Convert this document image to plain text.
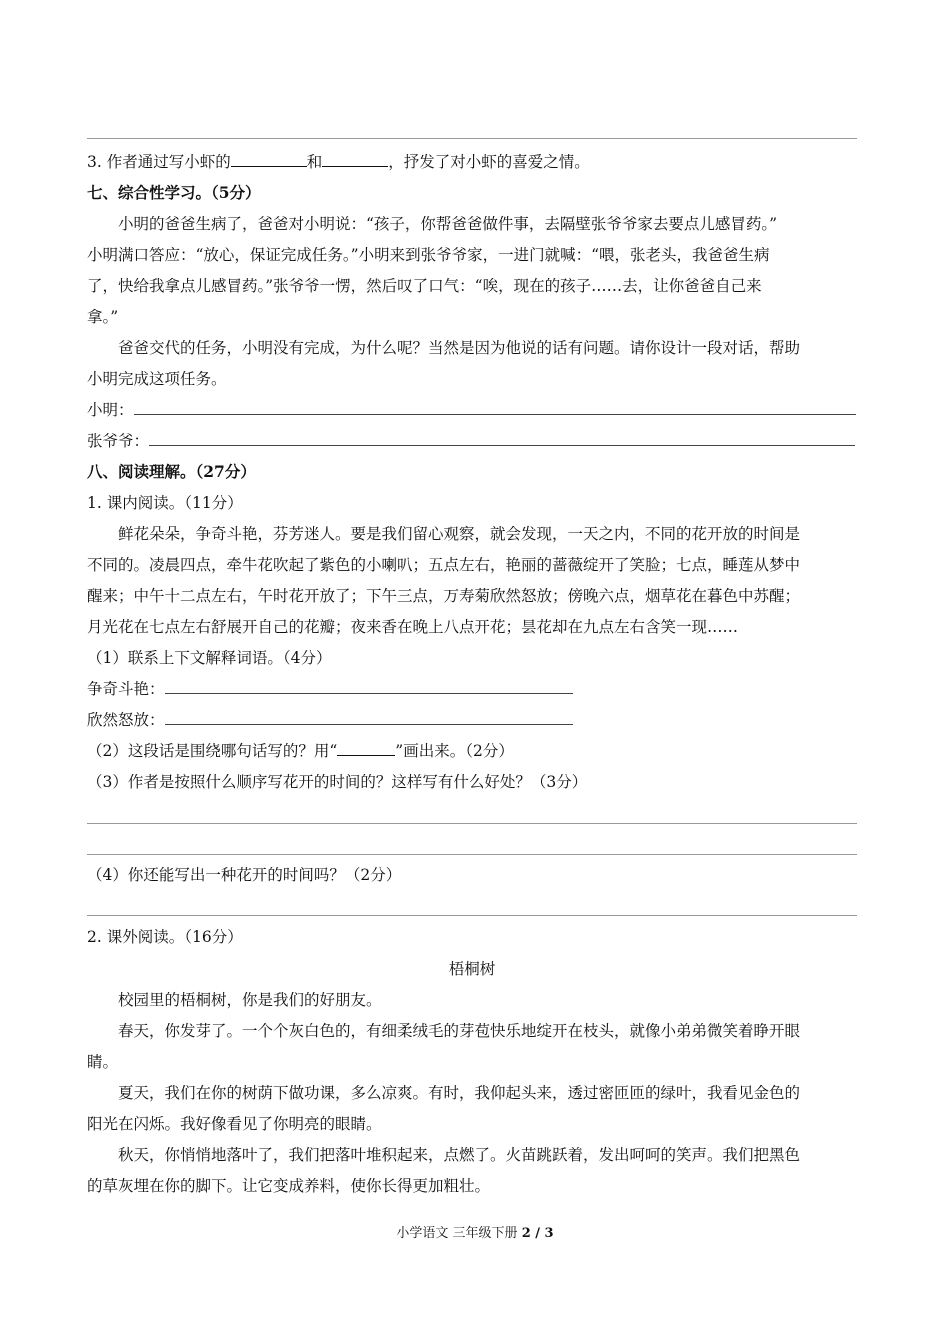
3. 作者通过写小虾的	和	，抒发了对小虾的喜爱之情。
七、综合性学习。（5分）
小明的爸爸生病了，爸爸对小明说：“孩子，你帮爸爸做件事，去隔壁张爷爷家去要点儿感冒药。”
小明满口答应：“放心，保证完成任务。”小明来到张爷爷家，一进门就喊：“喂，张老头，我爸爸生病
了，快给我拿点儿感冒药。”张爷爷一愣，然后叹了口气：“唉，现在的孩子……去，让你爸爸自己来
拿。”
爸爸交代的任务，小明没有完成，为什么呢？当然是因为他说的话有问题。请你设计一段对话，帮助
小明完成这项任务。
小明：
张爷爷：
八、阅读理解。（27分）
1. 课内阅读。（11分）
鲜花朵朵，争奇斗艳，芬芳迷人。要是我们留心观察，就会发现，一天之内，不同的花开放的时间是
不同的。凌晨四点，牵牛花吹起了紫色的小喇叭；五点左右，艳丽的蔷薇绽开了笑脸；七点，睡莲从梦中
醒来；中午十二点左右，午时花开放了；下午三点，万寿菊欣然怒放；傍晚六点，烟草花在暮色中苏醒；
月光花在七点左右舒展开自己的花瓣；夜来香在晚上八点开花；昙花却在九点左右含笑一现……
（1）联系上下文解释词语。（4分）
争奇斗艳：
欣然怒放：
（2）这段话是围绕哪句话写的？用“	”画出来。（2分）
（3）作者是按照什么顺序写花开的时间的？这样写有什么好处？（3分）
（4）你还能写出一种花开的时间吗？（2分）
2. 课外阅读。（16分）
梧桐树
校园里的梧桐树，你是我们的好朋友。
春天，你发芽了。一个个灰白色的，有细柔绒毛的芽苞快乐地绽开在枝头，就像小弟弟微笑着睁开眼
睛。
夏天，我们在你的树荫下做功课，多么凉爽。有时，我仰起头来，透过密匝匝的绿叶，我看见金色的
阳光在闪烁。我好像看见了你明亮的眼睛。
秋天，你悄悄地落叶了，我们把落叶堆积起来，点燃了。火苗跳跃着，发出呵呵的笑声。我们把黑色
的草灰埋在你的脚下。让它变成养料，使你长得更加粗壮。
小学语文 三年级下册 2 / 3
